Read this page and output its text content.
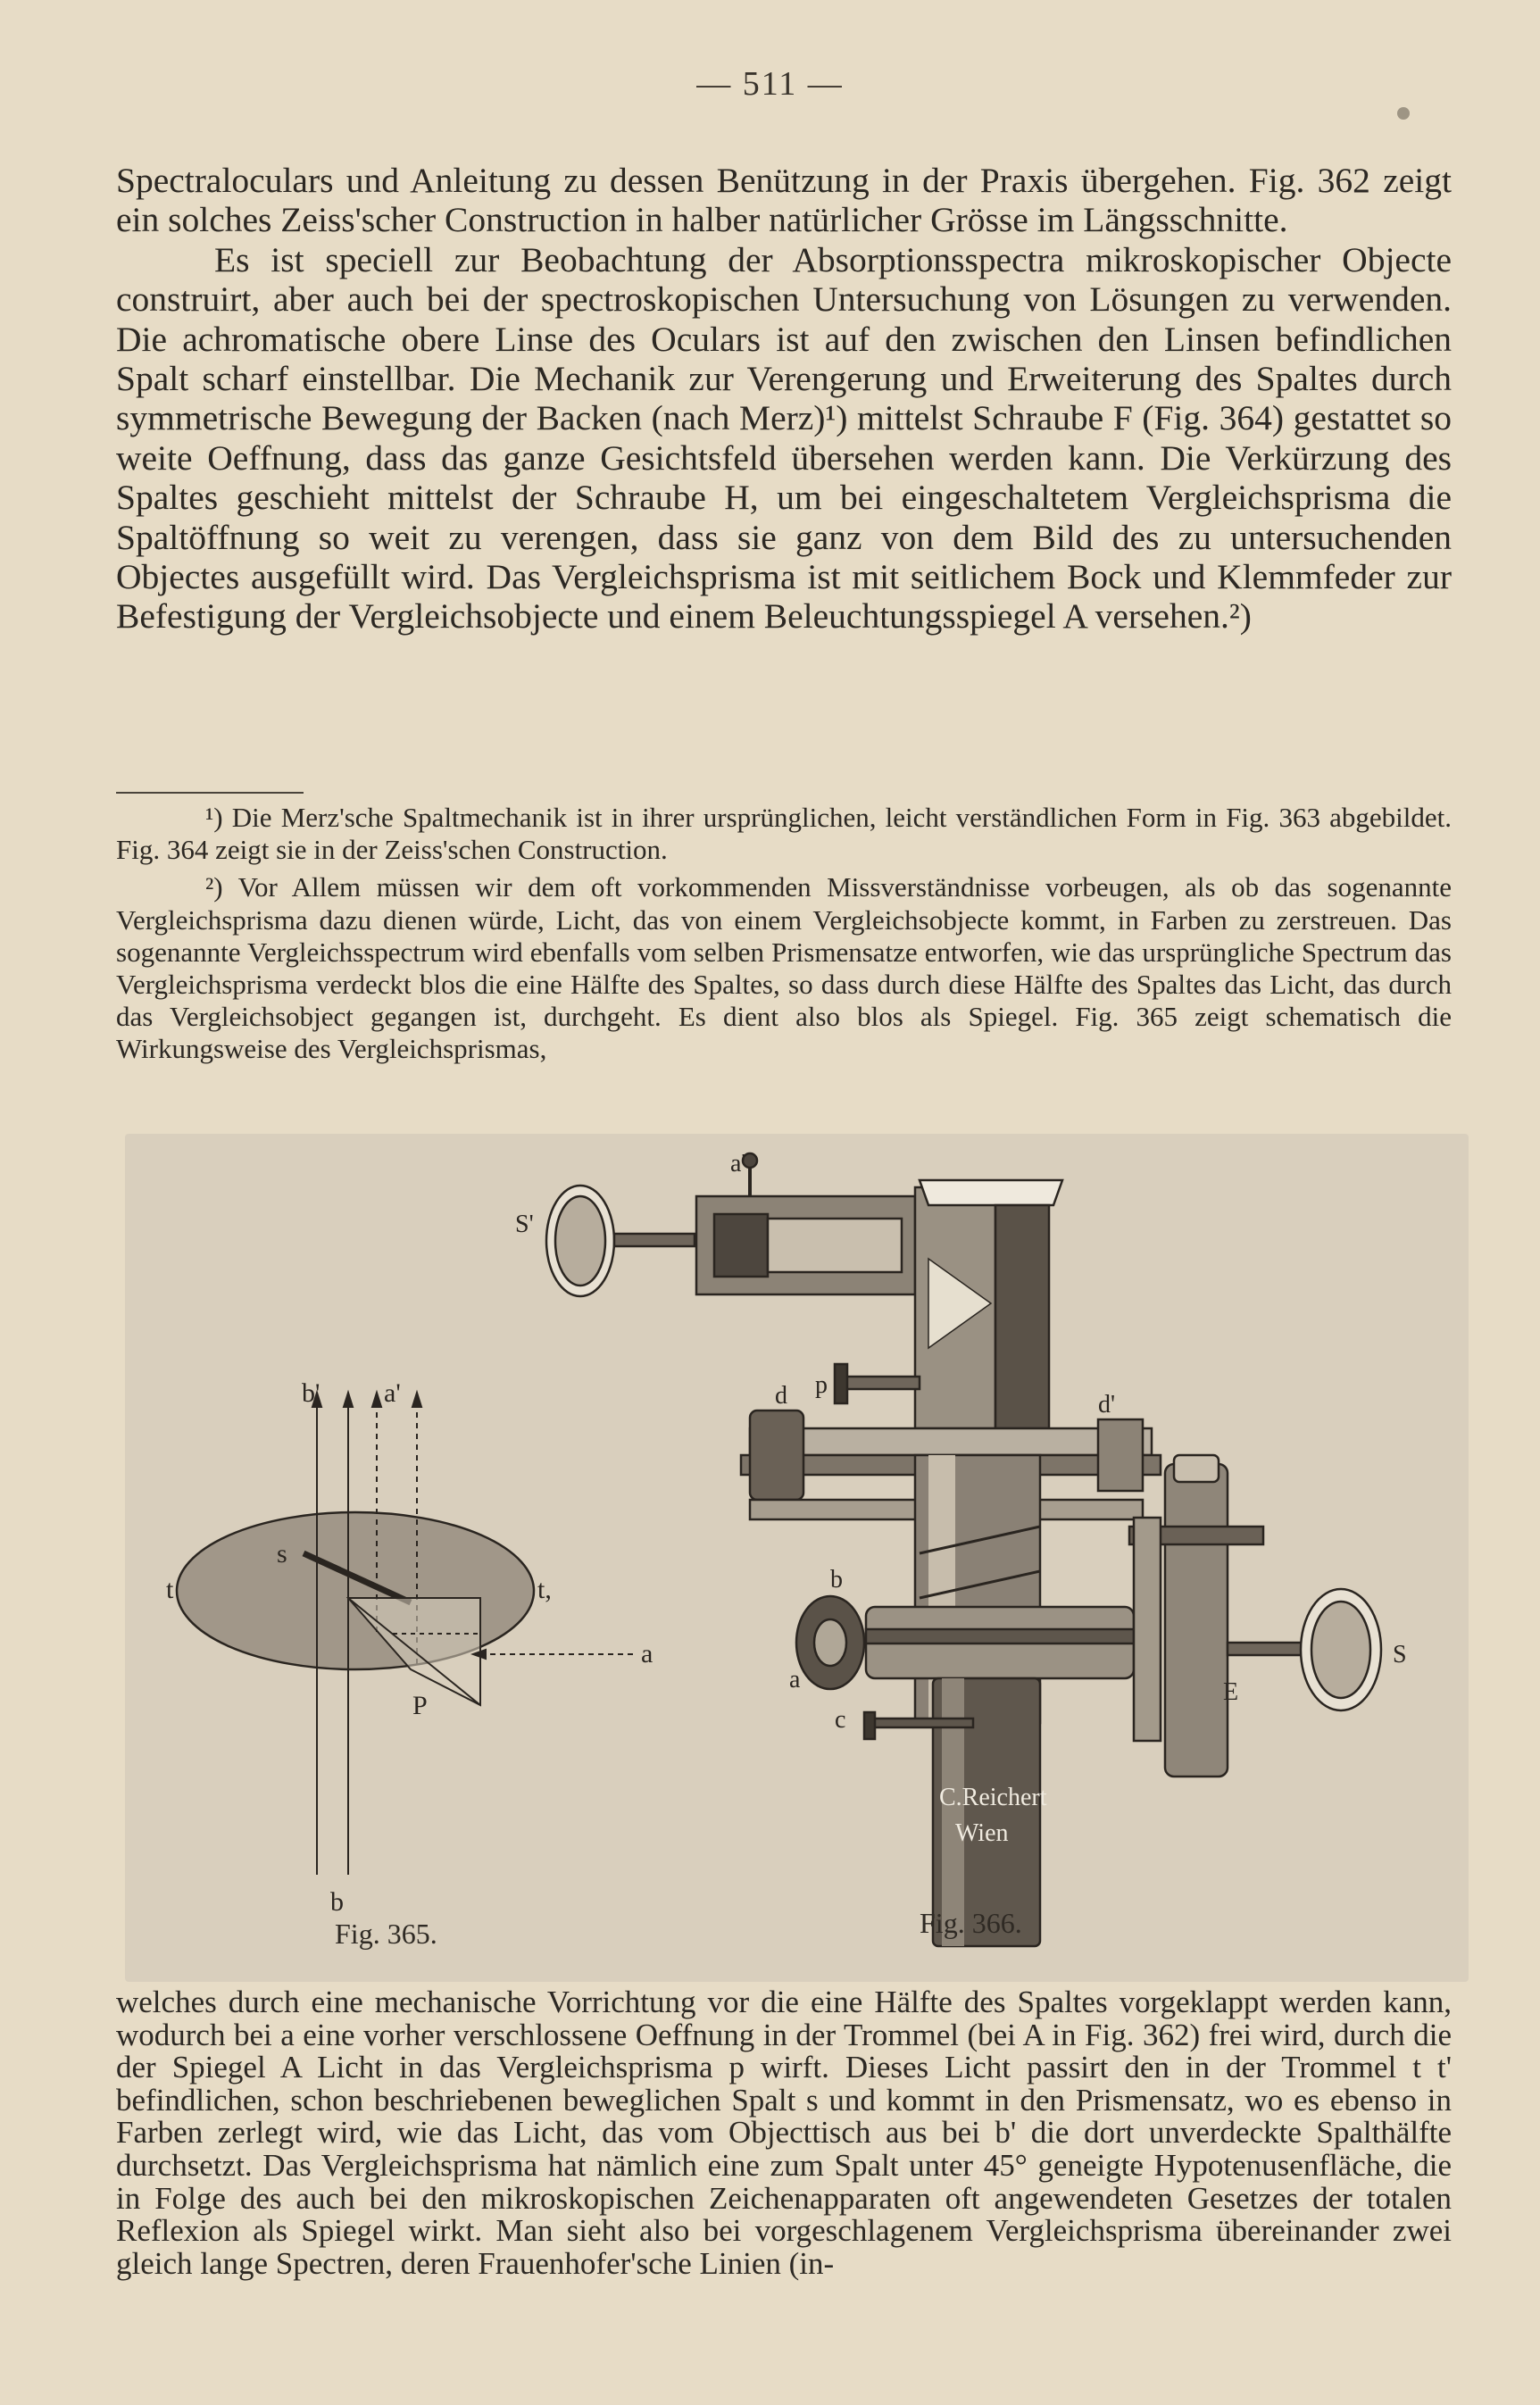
— 511 —

Spectraloculars und Anleitung zu dessen Benützung in der Praxis übergehen. Fig. 362 zeigt ein solches Zeiss'scher Construction in halber natürlicher Grösse im Längsschnitte.

Es ist speciell zur Beobachtung der Absorptionsspectra mikroskopischer Objecte construirt, aber auch bei der spectroskopischen Untersuchung von Lösungen zu verwenden. Die achromatische obere Linse des Oculars ist auf den zwischen den Linsen befindlichen Spalt scharf einstellbar. Die Mechanik zur Verengerung und Erweiterung des Spaltes durch symmetrische Bewegung der Backen (nach Merz)¹) mittelst Schraube F (Fig. 364) gestattet so weite Oeffnung, dass das ganze Gesichtsfeld übersehen werden kann. Die Verkürzung des Spaltes geschieht mittelst der Schraube H, um bei eingeschaltetem Vergleichsprisma die Spaltöffnung so weit zu verengen, dass sie ganz von dem Bild des zu untersuchenden Objectes ausgefüllt wird. Das Vergleichsprisma ist mit seitlichem Bock und Klemmfeder zur Befestigung der Vergleichsobjecte und einem Beleuchtungsspiegel A versehen.²)

¹) Die Merz'sche Spaltmechanik ist in ihrer ursprünglichen, leicht verständlichen Form in Fig. 363 abgebildet. Fig. 364 zeigt sie in der Zeiss'schen Construction.

²) Vor Allem müssen wir dem oft vorkommenden Missverständnisse vorbeugen, als ob das sogenannte Vergleichsprisma dazu dienen würde, Licht, das von einem Vergleichsobjecte kommt, in Farben zu zerstreuen. Das sogenannte Vergleichsspectrum wird ebenfalls vom selben Prismensatze entworfen, wie das ursprüngliche Spectrum das Vergleichsprisma verdeckt blos die eine Hälfte des Spaltes, so dass durch diese Hälfte des Spaltes das Licht, das durch das Vergleichsobject gegangen ist, durchgeht. Es dient also blos als Spiegel. Fig. 365 zeigt schematisch die Wirkungsweise des Vergleichsprismas,

b' a'
t	t,
s
P
a
b
C.Reichert
Wien
a'
S'
p
d	d'
b
a
c
E
S
Fig. 365.	Fig. 366.
welches durch eine mechanische Vorrichtung vor die eine Hälfte des Spaltes vorgeklappt werden kann, wodurch bei a eine vorher verschlossene Oeffnung in der Trommel (bei A in Fig. 362) frei wird, durch die der Spiegel A Licht in das Vergleichsprisma p wirft. Dieses Licht passirt den in der Trommel t t' befindlichen, schon beschriebenen beweglichen Spalt s und kommt in den Prismensatz, wo es ebenso in Farben zerlegt wird, wie das Licht, das vom Objecttisch aus bei b' die dort unverdeckte Spalthälfte durchsetzt. Das Vergleichsprisma hat nämlich eine zum Spalt unter 45° geneigte Hypotenusenfläche, die in Folge des auch bei den mikroskopischen Zeichenapparaten oft angewendeten Gesetzes der totalen Reflexion als Spiegel wirkt. Man sieht also bei vorgeschlagenem Vergleichsprisma übereinander zwei gleich lange Spectren, deren Frauenhofer'sche Linien (in-
